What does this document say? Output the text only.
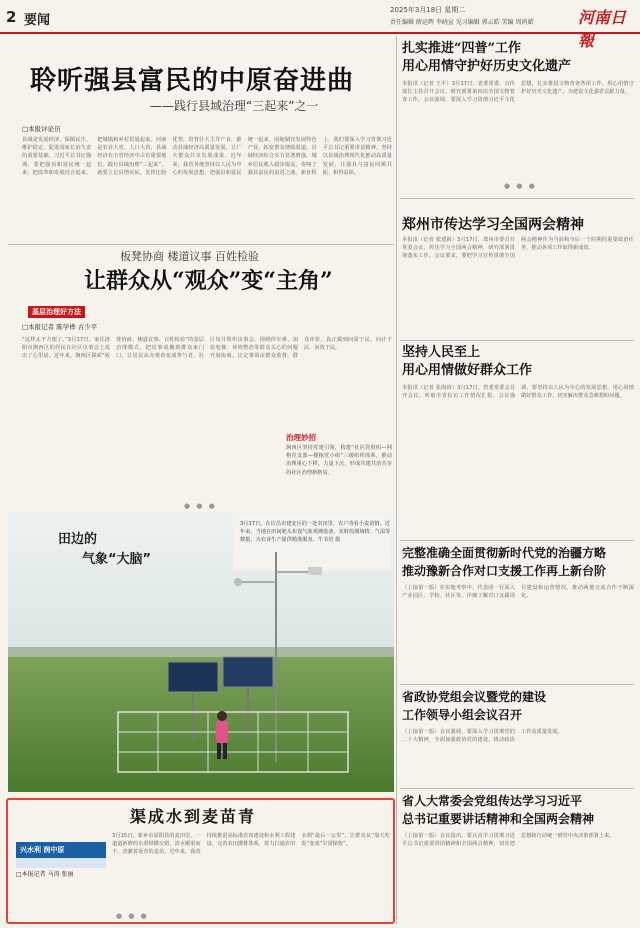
2 要闻
2025年3月18日 星期二
责任编辑 薛运辉 李晓宣 见习编辑 郭云皓 美编 周鸿斌	河南日報
聆听强县富民的中原奋进曲
——践行县域治理“三起来”之一
□本报评论员
县域是发展经济、保障民生、维护稳定、促进国家长治久安的重要基础。习近平总书记强调，要把强县和富民统一起来，把改革和发展结合起来，把城镇和乡村贯通起来。河南是农业大省、人口大省，县域经济在全省经济中占有重要地位。践行县域治理“三起来”，就要立足县情实际，发挥比较优势，培育壮大主导产业，推动县域经济高质量发展，让广大群众共享发展成果。近年来，我省各地坚持以人民为中心的发展思想，把强县和富民统一起来，因地制宜发展特色产业，拓宽群众增收渠道，县域经济综合实力显著增强，城乡居民收入稳步提高，奏响了强县富民的奋进之曲。新征程上，我们要深入学习贯彻习近平总书记重要讲话精神，坚持以县域治理现代化推动高质量发展，让强县与富民同频共振、相得益彰。
板凳协商 楼道议事 百姓检验
让群众从“观众”变“主角”
基层治理好方法
□本报记者 陈学桦 古少平
“这样太不方便了。”3月17日，家住洛阳市涧西区的居民在社区议事会上说出了心里话。近年来，涧西区探索“板凳协商、楼道议事、百姓检验”的基层治理模式，把议事桌搬到群众家门口，让居民从旁观者变成参与者。社区每月组织议事会，围绕停车难、加装电梯、环境整治等群众关心的问题开展协商，议定事项由群众监督、群众评价，真正做到问需于民、问计于民、问效于民。
治理妙招
涧西区坚持党建引领，构建“社区党组织—网格党支部—楼栋党小组”三级组织体系，推动治理重心下移、力量下沉，形成共建共治共享的社区治理新格局。
● ● ●
田边的
气象“大脑”
3月17日，在许昌市建安区的一处农田里，农户查看小麦苗情。近年来，当地在田间地头布设气象观测设备，实时监测墒情、气温等数据，为农业生产提供精准服务。牛书培 摄
渠成水到麦苗青
兴水利 润中原
□本报记者 马涛 张丽
3月15日，新乡市原阳县的麦田里，一道道新修的水渠纵横交错，清水顺渠而下，浇灌着返青的麦苗。近年来，我省持续推进高标准农田建设和水利工程建设，完善农田灌排体系，着力打通农田水利“最后一公里”，让群众从“靠天吃饭”变成“旱涝保收”。
● ● ●
扎实推进“四普”工作
用心用情守护好历史文化遗产
本报讯（记者 王平）3月17日，省委常委、宣传部长主持召开会议，研究部署第四次全国文物普查工作。会议强调，要深入学习贯彻习近平文化思想，扎实推进文物普查各项工作，用心用情守护好历史文化遗产，为建设文化强省贡献力量。
● ● ●
郑州市传达学习全国两会精神
本报讯（记者 张建新）3月17日，郑州市委召开常委会议，传达学习全国两会精神，研究部署贯彻落实工作。会议要求，要把学习宣传贯彻全国两会精神作为当前和今后一个时期的重要政治任务，推动各项工作取得新成效。
坚持人民至上
用心用情做好群众工作
本报讯（记者 张海涛）3月17日，省委常委会召开会议，听取全省信访工作情况汇报。会议强调，要坚持以人民为中心的发展思想，用心用情做好群众工作，切实解决群众急难愁盼问题。
完整准确全面贯彻新时代党的治疆方略
推动豫新合作对口支援工作再上新台阶
（上接第一版）在实地考察中，代表团一行深入产业园区、学校、社区等，详细了解对口支援项目建设和运营情况，推动两地交流合作不断深化。
省政协党组会议暨党的建设
工作领导小组会议召开
（上接第一版）会议强调，要深入学习贯彻党的二十大精神，全面加强政协党的建设，推动政协工作高质量发展。
省人大常委会党组传达学习习近平
总书记重要讲话精神和全国两会精神
（上接第一版）会议指出，要认真学习贯彻习近平总书记重要讲话精神和全国两会精神，切实把思想和行动统一到党中央决策部署上来。
